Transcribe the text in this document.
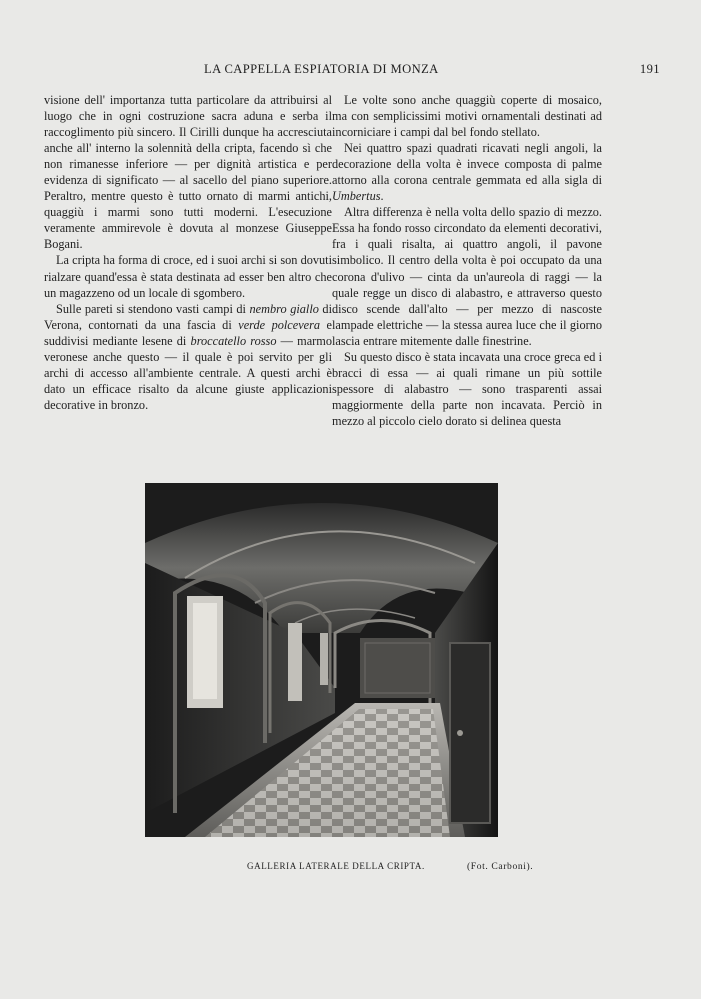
LA CAPPELLA ESPIATORIA DI MONZA	191

visione dell' importanza tutta particolare da attribuirsi al luogo che in ogni costruzione sacra aduna e serba il raccoglimento più sincero. Il Cirilli dunque ha accresciuta anche all' interno la solennità della cripta, facendo sì che non rimanesse inferiore — per dignità artistica e per evidenza di significato — al sacello del piano superiore. Peraltro, mentre questo è tutto ornato di marmi antichi, quaggiù i marmi sono tutti moderni. L'esecuzione veramente ammirevole è dovuta al monzese Giuseppe Bogani.

La cripta ha forma di croce, ed i suoi archi si son dovuti rialzare quand'essa è stata destinata ad esser ben altro che un magazzeno od un locale di sgombero.

Sulle pareti si stendono vasti campi di nembro giallo di Verona, contornati da una fascia di verde polcevera e suddivisi mediante lesene di broccatello rosso — marmo veronese anche questo — il quale è poi servito per gli archi di accesso all'ambiente centrale. A questi archi è dato un efficace risalto da alcune giuste applicazioni decorative in bronzo.

Le volte sono anche quaggiù coperte di mosaico, ma con semplicissimi motivi ornamentali destinati ad incorniciare i campi dal bel fondo stellato.

Nei quattro spazi quadrati ricavati negli angoli, la decorazione della volta è invece composta di palme attorno alla corona centrale gemmata ed alla sigla di Umbertus.

Altra differenza è nella volta dello spazio di mezzo. Essa ha fondo rosso circondato da elementi decorativi, fra i quali risalta, ai quattro angoli, il pavone simbolico. Il centro della volta è poi occupato da una corona d'ulivo — cinta da un'aureola di raggi — la quale regge un disco di alabastro, e attraverso questo disco scende dall'alto — per mezzo di nascoste lampade elettriche — la stessa aurea luce che il giorno lascia entrare mitemente dalle finestrine.

Su questo disco è stata incavata una croce greca ed i bracci di essa — ai quali rimane un più sottile spessore di alabastro — sono trasparenti assai maggiormente della parte non incavata. Perciò in mezzo al piccolo cielo dorato si delinea questa

GALLERIA LATERALE DELLA CRIPTA.	(Fot. Carboni).
